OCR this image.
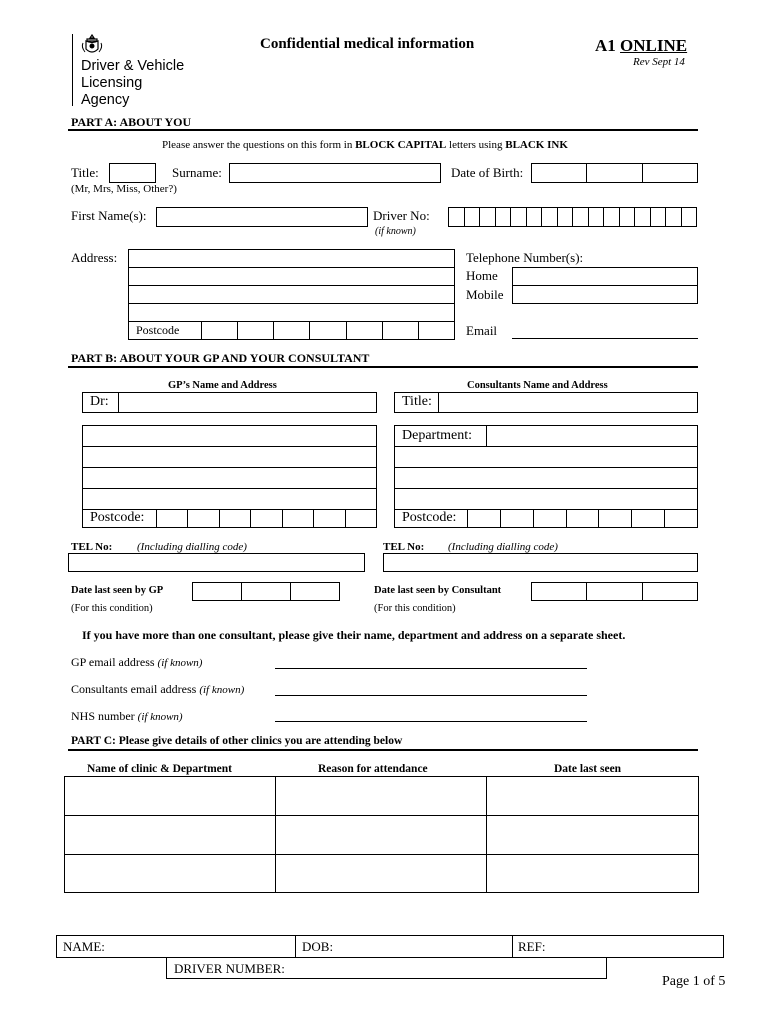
Driver & Vehicle
Licensing
Agency
Confidential medical information	A1 ONLINE
Rev Sept 14
PART A: ABOUT YOU
Please answer the questions on this form in BLOCK CAPITAL letters using BLACK INK
Title:
(Mr, Mrs, Miss, Other?)
Surname:	Date of Birth:
First Name(s):	Driver No:
(if known)
Address:
Postcode
Telephone Number(s):
Home
Mobile
Email
PART B: ABOUT YOUR GP AND YOUR CONSULTANT
GP’s Name and Address	Consultants Name and Address
Dr:
Postcode:
Title:
Department:
Postcode:
TEL No: (Including dialling code)	TEL No: (Including dialling code)
Date last seen by GP
(For this condition)
Date last seen by Consultant
(For this condition)
If you have more than one consultant, please give their name, department and address on a separate sheet.
GP email address (if known)
Consultants email address (if known)
NHS number (if known)
PART C: Please give details of other clinics you are attending below
Name of clinic & Department	Reason for attendance	Date last seen
NAME:	DOB:	REF:
DRIVER NUMBER:
Page 1 of 5
